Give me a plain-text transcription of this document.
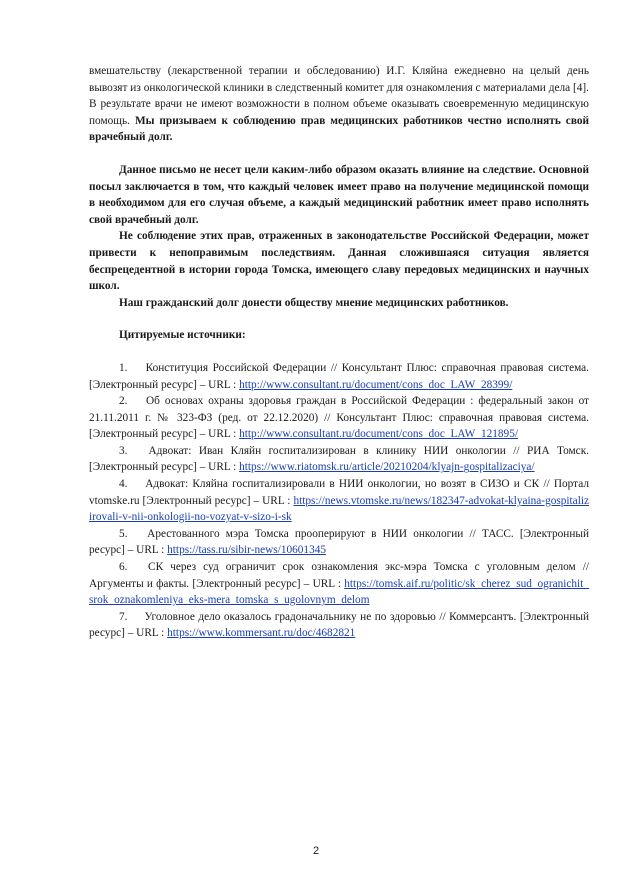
вмешательству (лекарственной терапии и обследованию) И.Г. Кляйна ежедневно на целый день вывозят из онкологической клиники в следственный комитет для ознакомления с материалами дела [4]. В результате врачи не имеют возможности в полном объеме оказывать своевременную медицинскую помощь. Мы призываем к соблюдению прав медицинских работников честно исполнять свой врачебный долг.

Данное письмо не несет цели каким-либо образом оказать влияние на следствие. Основной посыл заключается в том, что каждый человек имеет право на получение медицинской помощи в необходимом для его случая объеме, а каждый медицинский работник имеет право исполнять свой врачебный долг.

Не соблюдение этих прав, отраженных в законодательстве Российской Федерации, может привести к непоправимым последствиям. Данная сложившаяся ситуация является беспрецедентной в истории города Томска, имеющего славу передовых медицинских и научных школ.

Наш гражданский долг донести обществу мнение медицинских работников.

Цитируемые источники:

1. Конституция Российской Федерации // Консультант Плюс: справочная правовая система. [Электронный ресурс] – URL : http://www.consultant.ru/document/cons_doc_LAW_28399/
2. Об основах охраны здоровья граждан в Российской Федерации : федеральный закон от 21.11.2011 г. № 323-ФЗ (ред. от 22.12.2020) // Консультант Плюс: справочная правовая система. [Электронный ресурс] – URL : http://www.consultant.ru/document/cons_doc_LAW_121895/
3. Адвокат: Иван Кляйн госпитализирован в клинику НИИ онкологии // РИА Томск. [Электронный ресурс] – URL : https://www.riatomsk.ru/article/20210204/klyajn-gospitalizaciya/
4. Адвокат: Кляйна госпитализировали в НИИ онкологии, но возят в СИЗО и СК // Портал vtomske.ru [Электронный ресурс] – URL : https://news.vtomske.ru/news/182347-advokat-klyaina-gospitalizirovali-v-nii-onkologii-no-vozyat-v-sizo-i-sk
5. Арестованного мэра Томска прооперируют в НИИ онкологии // ТАСС. [Электронный ресурс] – URL : https://tass.ru/sibir-news/10601345
6. СК через суд ограничит срок ознакомления экс-мэра Томска с уголовным делом // Аргументы и факты. [Электронный ресурс] – URL : https://tomsk.aif.ru/politic/sk_cherez_sud_ogranichit_srok_oznakomleniya_eks-mera_tomska_s_ugolovnym_delom
7. Уголовное дело оказалось градоначальнику не по здоровью // Коммерсантъ. [Электронный ресурс] – URL : https://www.kommersant.ru/doc/4682821
2
